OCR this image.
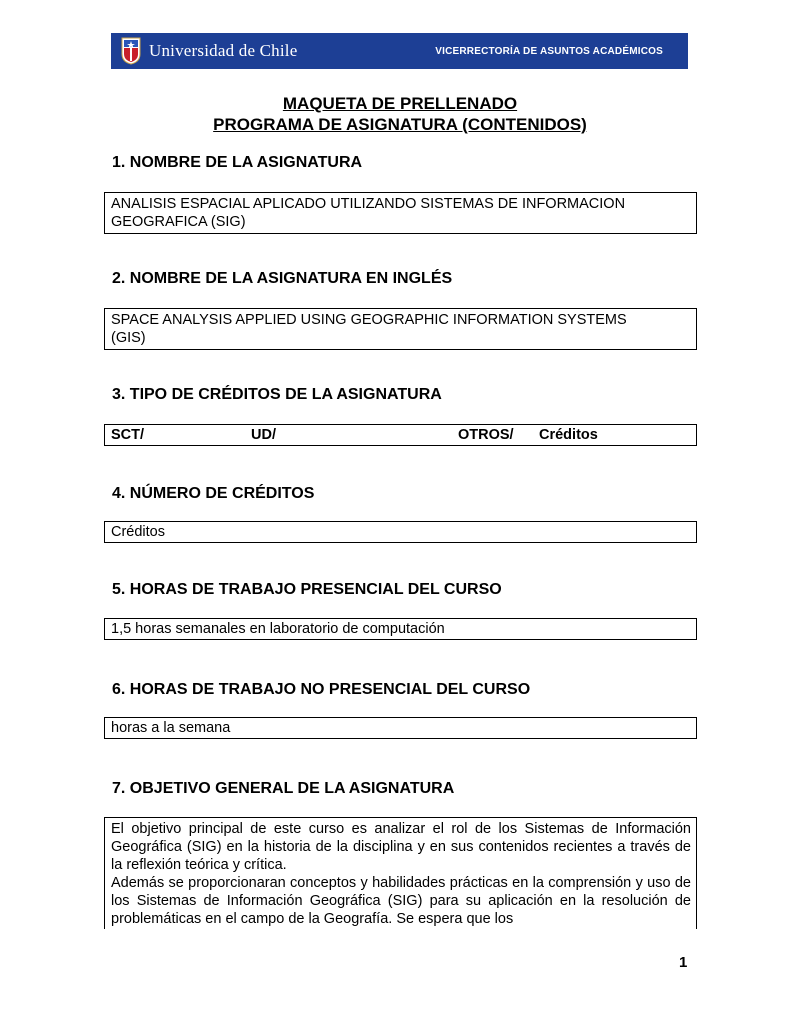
Universidad de Chile	VICERRECTORÍA DE ASUNTOS ACADÉMICOS
MAQUETA DE PRELLENADO
PROGRAMA DE ASIGNATURA (CONTENIDOS)
1. NOMBRE DE LA ASIGNATURA
ANALISIS ESPACIAL APLICADO UTILIZANDO SISTEMAS DE INFORMACION
GEOGRAFICA (SIG)
2. NOMBRE DE LA ASIGNATURA EN INGLÉS
SPACE ANALYSIS APPLIED USING GEOGRAPHIC INFORMATION SYSTEMS
(GIS)
3. TIPO DE CRÉDITOS DE LA ASIGNATURA
SCT/	UD/	OTROS/ Créditos
4. NÚMERO DE CRÉDITOS
Créditos
5. HORAS DE TRABAJO PRESENCIAL DEL CURSO
1,5 horas semanales en laboratorio de computación
6. HORAS DE TRABAJO NO PRESENCIAL DEL CURSO
horas a la semana
7. OBJETIVO GENERAL DE LA ASIGNATURA
El objetivo principal de este curso es analizar el rol de los Sistemas de Información Geográfica (SIG) en la historia de la disciplina y en sus contenidos recientes a través de la reflexión teórica y crítica.
Además se proporcionaran conceptos y habilidades prácticas en la comprensión y uso de los Sistemas de Información Geográfica (SIG) para su aplicación en la resolución de problemáticas en el campo de la Geografía. Se espera que los
1
